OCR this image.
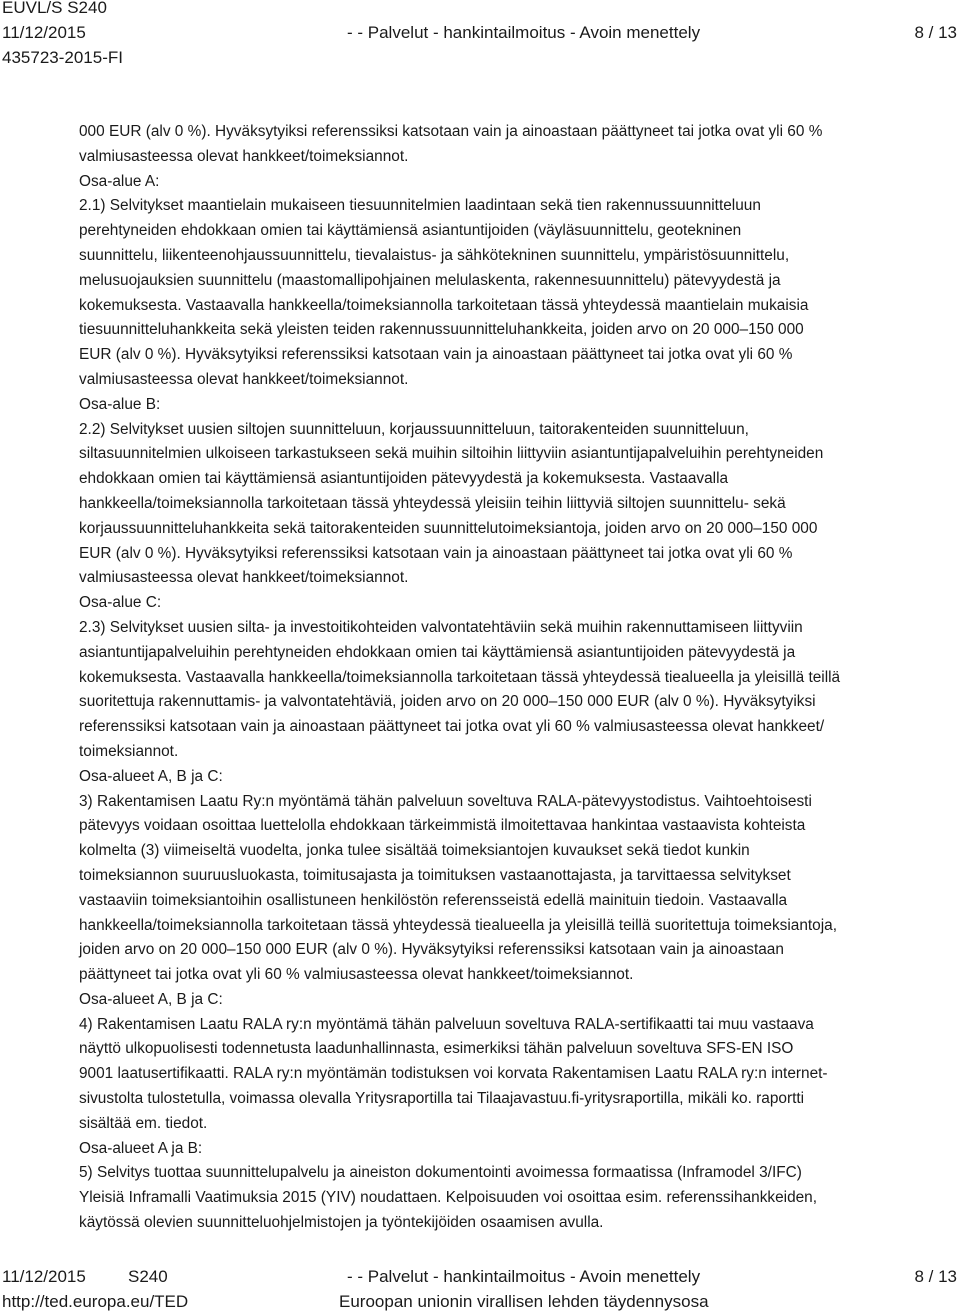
EUVL/S S240
11/12/2015
435723-2015-FI
- - Palvelut - hankintailmoitus - Avoin menettely	8 / 13

000 EUR (alv 0 %). Hyväksytyiksi referenssiksi katsotaan vain ja ainoastaan päättyneet tai jotka ovat yli 60 %

valmiusasteessa olevat hankkeet/toimeksiannot.

Osa-alue A:

2.1) Selvitykset maantielain mukaiseen tiesuunnitelmien laadintaan sekä tien rakennussuunnitteluun

perehtyneiden ehdokkaan omien tai käyttämiensä asiantuntijoiden (väyläsuunnittelu, geotekninen

suunnittelu, liikenteenohjaussuunnittelu, tievalaistus- ja sähkötekninen suunnittelu, ympäristösuunnittelu,

melusuojauksien suunnittelu (maastomallipohjainen melulaskenta, rakennesuunnittelu) pätevyydestä ja

kokemuksesta. Vastaavalla hankkeella/toimeksiannolla tarkoitetaan tässä yhteydessä maantielain mukaisia

tiesuunnitteluhankkeita sekä yleisten teiden rakennussuunnitteluhankkeita, joiden arvo on 20 000–150 000

EUR (alv 0 %). Hyväksytyiksi referenssiksi katsotaan vain ja ainoastaan päättyneet tai jotka ovat yli 60 %

valmiusasteessa olevat hankkeet/toimeksiannot.

Osa-alue B:

2.2) Selvitykset uusien siltojen suunnitteluun, korjaussuunnitteluun, taitorakenteiden suunnitteluun,

siltasuunnitelmien ulkoiseen tarkastukseen sekä muihin siltoihin liittyviin asiantuntijapalveluihin perehtyneiden

ehdokkaan omien tai käyttämiensä asiantuntijoiden pätevyydestä ja kokemuksesta. Vastaavalla

hankkeella/toimeksiannolla tarkoitetaan tässä yhteydessä yleisiin teihin liittyviä siltojen suunnittelu- sekä

korjaussuunnitteluhankkeita sekä taitorakenteiden suunnittelutoimeksiantoja, joiden arvo on 20 000–150 000

EUR (alv 0 %). Hyväksytyiksi referenssiksi katsotaan vain ja ainoastaan päättyneet tai jotka ovat yli 60 %

valmiusasteessa olevat hankkeet/toimeksiannot.

Osa-alue C:

2.3) Selvitykset uusien silta- ja investoitikohteiden valvontatehtäviin sekä muihin rakennuttamiseen liittyviin

asiantuntijapalveluihin perehtyneiden ehdokkaan omien tai käyttämiensä asiantuntijoiden pätevyydestä ja

kokemuksesta. Vastaavalla hankkeella/toimeksiannolla tarkoitetaan tässä yhteydessä tiealueella ja yleisillä teillä

suoritettuja rakennuttamis- ja valvontatehtäviä, joiden arvo on 20 000–150 000 EUR (alv 0 %). Hyväksytyiksi

referenssiksi katsotaan vain ja ainoastaan päättyneet tai jotka ovat yli 60 % valmiusasteessa olevat hankkeet/

toimeksiannot.

Osa-alueet A, B ja C:

3) Rakentamisen Laatu Ry:n myöntämä tähän palveluun soveltuva RALA-pätevyystodistus. Vaihtoehtoisesti

pätevyys voidaan osoittaa luettelolla ehdokkaan tärkeimmistä ilmoitettavaa hankintaa vastaavista kohteista

kolmelta (3) viimeiseltä vuodelta, jonka tulee sisältää toimeksiantojen kuvaukset sekä tiedot kunkin

toimeksiannon suuruusluokasta, toimitusajasta ja toimituksen vastaanottajasta, ja tarvittaessa selvitykset

vastaaviin toimeksiantoihin osallistuneen henkilöstön referensseistä edellä mainituin tiedoin. Vastaavalla

hankkeella/toimeksiannolla tarkoitetaan tässä yhteydessä tiealueella ja yleisillä teillä suoritettuja toimeksiantoja,

joiden arvo on 20 000–150 000 EUR (alv 0 %). Hyväksytyiksi referenssiksi katsotaan vain ja ainoastaan

päättyneet tai jotka ovat yli 60 % valmiusasteessa olevat hankkeet/toimeksiannot.

Osa-alueet A, B ja C:

4) Rakentamisen Laatu RALA ry:n myöntämä tähän palveluun soveltuva RALA-sertifikaatti tai muu vastaava

näyttö ulkopuolisesti todennetusta laadunhallinnasta, esimerkiksi tähän palveluun soveltuva SFS-EN ISO

9001 laatusertifikaatti. RALA ry:n myöntämän todistuksen voi korvata Rakentamisen Laatu RALA ry:n internet-

sivustolta tulostetulla, voimassa olevalla Yritysraportilla tai Tilaajavastuu.fi-yritysraportilla, mikäli ko. raportti

sisältää em. tiedot.

Osa-alueet A ja B:

5) Selvitys tuottaa suunnittelupalvelu ja aineiston dokumentointi avoimessa formaatissa (Inframodel 3/IFC)

Yleisiä Inframalli Vaatimuksia 2015 (YIV) noudattaen. Kelpoisuuden voi osoittaa esim. referenssihankkeiden,

käytössä olevien suunnitteluohjelmistojen ja työntekijöiden osaamisen avulla.

11/12/2015 S240	- - Palvelut - hankintailmoitus - Avoin menettely	8 / 13
http://ted.europa.eu/TED	Euroopan unionin virallisen lehden täydennysosa
